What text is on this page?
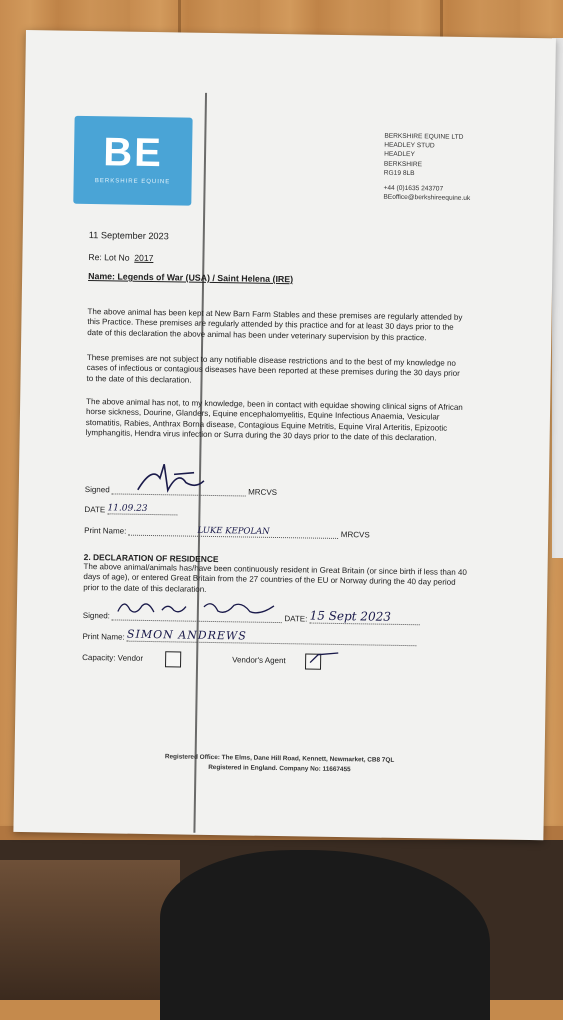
BE
BERKSHIRE EQUINE
BERKSHIRE EQUINE LTD
HEADLEY STUD
HEADLEY
BERKSHIRE
RG19 8LB
+44 (0)1635 243707
BEoffice@berkshireequine.uk
11 September 2023
Re: Lot No 2017
Name: Legends of War (USA) / Saint Helena (IRE)
The above animal has been kept at New Barn Farm Stables and these premises are regularly attended by this Practice. These premises are regularly attended by this practice and for at least 30 days prior to the date of this declaration the above animal has been under veterinary supervision by this practice.
These premises are not subject to any notifiable disease restrictions and to the best of my knowledge no cases of infectious or contagious diseases have been reported at these premises during the 30 days prior to the date of this declaration.
The above animal has not, to my knowledge, been in contact with equidae showing clinical signs of African horse sickness, Dourine, Glanders, Equine encephalomyelitis, Equine Infectious Anaemia, Vesicular stomatitis, Rabies, Anthrax Borna disease, Contagious Equine Metritis, Equine Viral Arteritis, Epizootic lymphangitis, Hendra virus infection or Surra during the 30 days prior to the date of this declaration.
Signed	MRCVS
DATE 11.09.23
Print Name:	LUKE KEPOLAN	MRCVS
2. DECLARATION OF RESIDENCE
The above animal/animals has/have been continuously resident in Great Britain (or since birth if less than 40 days of age), or entered Great Britain from the 27 countries of the EU or Norway during the 40 day period prior to the date of this declaration.
Signed:	DATE: 15 Sept 2023
Print Name: SIMON ANDREWS
Capacity: Vendor	Vendor's Agent
Registered Office: The Elms, Dane Hill Road, Kennett, Newmarket, CB8 7QL
Registered in England. Company No: 11667455
